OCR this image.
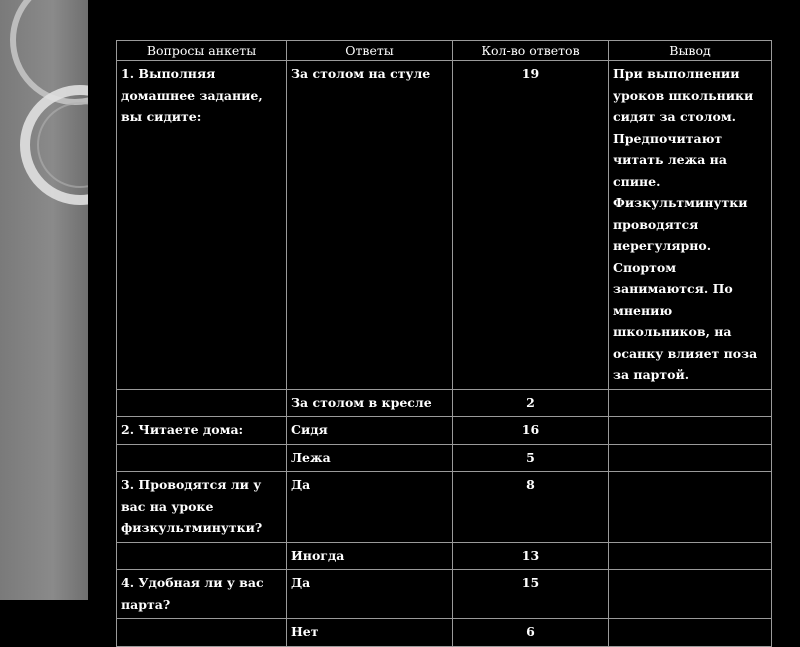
Вопросы анкеты	Ответы	Кол-во ответов	Вывод
1. Выполняя домашнее задание, вы сидите:	За столом на стуле	19	При выполнении уроков школьники сидят за столом. Предпочитают читать лежа на спине. Физкультминутки проводятся нерегулярно. Спортом занимаются. По мнению школьников, на осанку влияет поза за партой.
	За столом в кресле	2	
2. Читаете дома:	Сидя	16	
	Лежа	5	
3. Проводятся ли у вас на уроке физкультминутки?	Да	8	
	Иногда	13	
4. Удобная ли у вас парта?	Да	15	
	Нет	6	
